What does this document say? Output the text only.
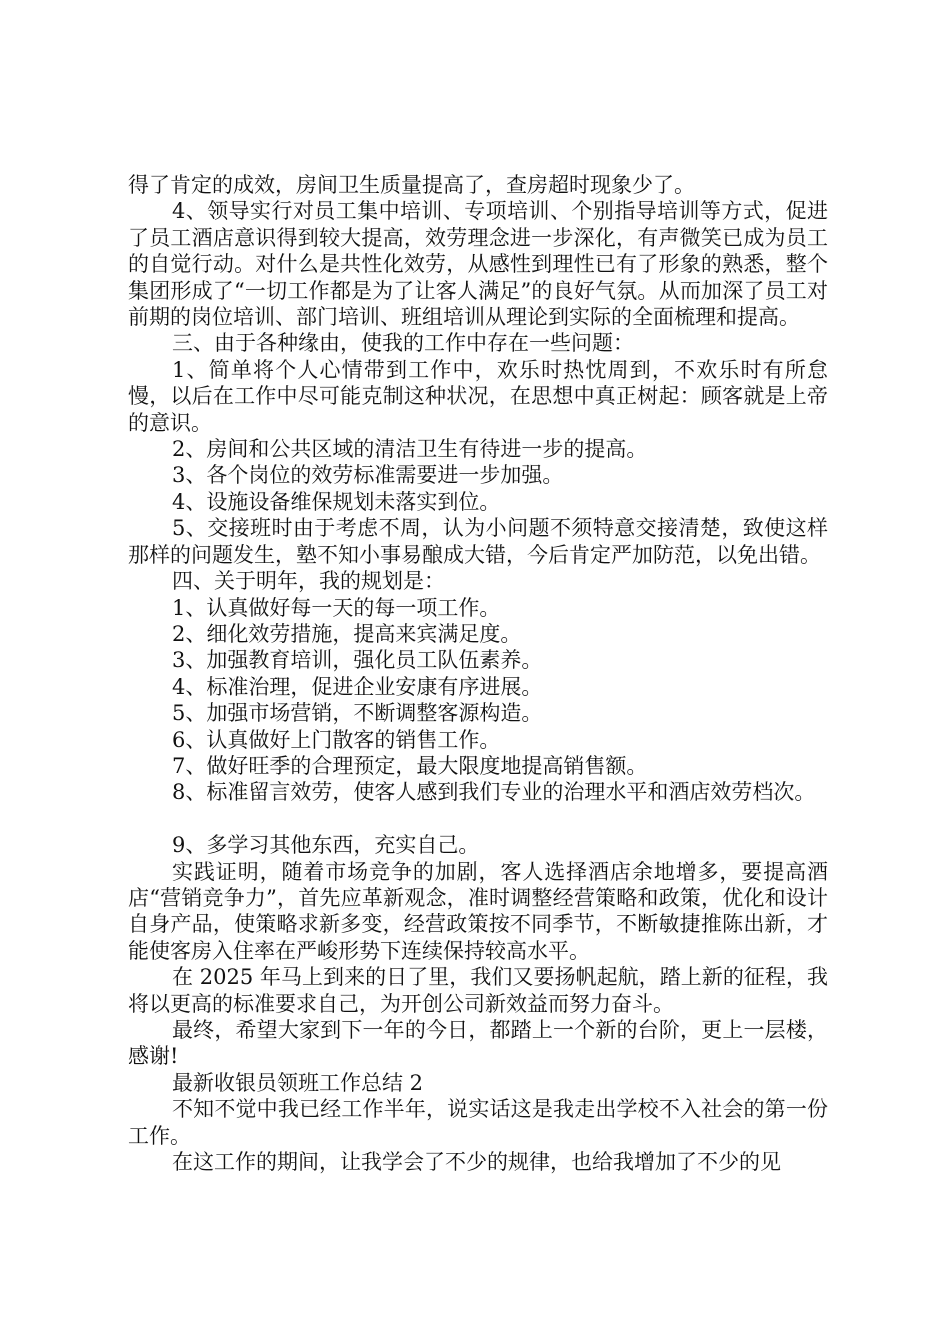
得了肯定的成效，房间卫生质量提高了，查房超时现象少了。

4、领导实行对员工集中培训、专项培训、个别指导培训等方式，促进了员工酒店意识得到较大提高，效劳理念进一步深化，有声微笑已成为员工的自觉行动。对什么是共性化效劳，从感性到理性已有了形象的熟悉，整个集团形成了“一切工作都是为了让客人满足”的良好气氛。从而加深了员工对前期的岗位培训、部门培训、班组培训从理论到实际的全面梳理和提高。

三、由于各种缘由，使我的工作中存在一些问题：

1、简单将个人心情带到工作中，欢乐时热忱周到，不欢乐时有所怠慢，以后在工作中尽可能克制这种状况，在思想中真正树起：顾客就是上帝的意识。

2、房间和公共区域的清洁卫生有待进一步的提高。

3、各个岗位的效劳标准需要进一步加强。

4、设施设备维保规划未落实到位。

5、交接班时由于考虑不周，认为小问题不须特意交接清楚，致使这样那样的问题发生，塾不知小事易酿成大错，今后肯定严加防范，以免出错。

四、关于明年，我的规划是：

1、认真做好每一天的每一项工作。

2、细化效劳措施，提高来宾满足度。

3、加强教育培训，强化员工队伍素养。

4、标准治理，促进企业安康有序进展。

5、加强市场营销，不断调整客源构造。

6、认真做好上门散客的销售工作。

7、做好旺季的合理预定，最大限度地提高销售额。

8、标准留言效劳，使客人感到我们专业的治理水平和酒店效劳档次。

9、多学习其他东西，充实自己。

实践证明，随着市场竞争的加剧，客人选择酒店余地增多，要提高酒店“营销竞争力”，首先应革新观念，准时调整经营策略和政策，优化和设计自身产品，使策略求新多变，经营政策按不同季节，不断敏捷推陈出新，才能使客房入住率在严峻形势下连续保持较高水平。

在 2025 年马上到来的日了里，我们又要扬帆起航，踏上新的征程，我将以更高的标准要求自己，为开创公司新效益而努力奋斗。

最终，希望大家到下一年的今日，都踏上一个新的台阶，更上一层楼，感谢!

最新收银员领班工作总结 2

不知不觉中我已经工作半年，说实话这是我走出学校不入社会的第一份工作。

在这工作的期间，让我学会了不少的规律，也给我增加了不少的见
